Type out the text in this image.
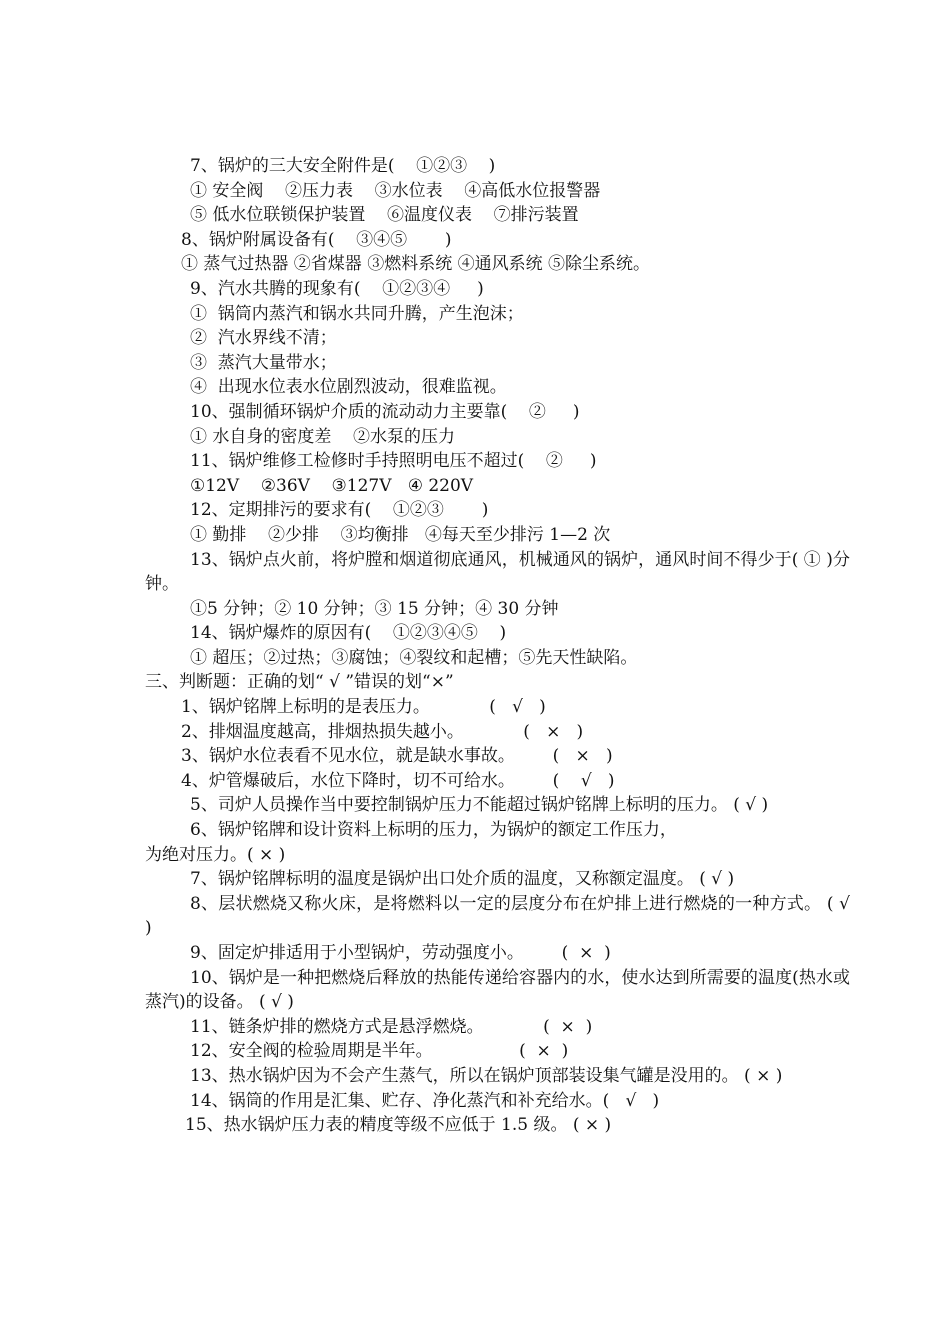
7、锅炉的三大安全附件是(    ①②③    )
① 安全阀    ②压力表    ③水位表    ④高低水位报警器
⑤ 低水位联锁保护装置    ⑥温度仪表    ⑦排污装置
8、锅炉附属设备有(    ③④⑤       )
① 蒸气过热器 ②省煤器 ③燃料系统 ④通风系统 ⑤除尘系统。
9、汽水共腾的现象有(    ①②③④     )
①  锅筒内蒸汽和锅水共同升腾，产生泡沫；
②  汽水界线不清；
③  蒸汽大量带水；
④  出现水位表水位剧烈波动，很难监视。
10、强制循环锅炉介质的流动动力主要靠(    ②     )
① 水自身的密度差    ②水泵的压力
11、锅炉维修工检修时手持照明电压不超过(    ②     )
①12V    ②36V    ③127V   ④ 220V
12、定期排污的要求有(    ①②③       )
① 勤排    ②少排    ③均衡排   ④每天至少排污 1—2 次
13、锅炉点火前，将炉膛和烟道彻底通风，机械通风的锅炉，通风时间不得少于( ① )分钟。
①5 分钟；② 10 分钟；③ 15 分钟；④ 30 分钟
14、锅炉爆炸的原因有(    ①②③④⑤    )
① 超压；②过热；③腐蚀；④裂纹和起槽；⑤先天性缺陷。
三、判断题：正确的划“ √ ”错误的划“×”
1、锅炉铭牌上标明的是表压力。           (   √   )
2、排烟温度越高，排烟热损失越小。           (   ×   )
3、锅炉水位表看不见水位，就是缺水事故。       (   ×   )
4、炉管爆破后，水位下降时，切不可给水。       (    √   )
5、司炉人员操作当中要控制锅炉压力不能超过锅炉铭牌上标明的压力。 ( √ )
6、锅炉铭牌和设计资料上标明的压力，为锅炉的额定工作压力，
为绝对压力。( × )
7、锅炉铭牌标明的温度是锅炉出口处介质的温度，又称额定温度。 ( √ )
8、层状燃烧又称火床，是将燃料以一定的层度分布在炉排上进行燃烧的一种方式。 ( √ )
9、固定炉排适用于小型锅炉，劳动强度小。       (  ×  )
10、锅炉是一种把燃烧后释放的热能传递给容器内的水，使水达到所需要的温度(热水或蒸汽)的设备。 ( √ )
11、链条炉排的燃烧方式是悬浮燃烧。           (  ×  )
12、安全阀的检验周期是半年。                (  ×  )
13、热水锅炉因为不会产生蒸气，所以在锅炉顶部装设集气罐是没用的。 ( × )
14、锅筒的作用是汇集、贮存、净化蒸汽和补充给水。(   √   )
15、热水锅炉压力表的精度等级不应低于 1.5 级。 ( × )
